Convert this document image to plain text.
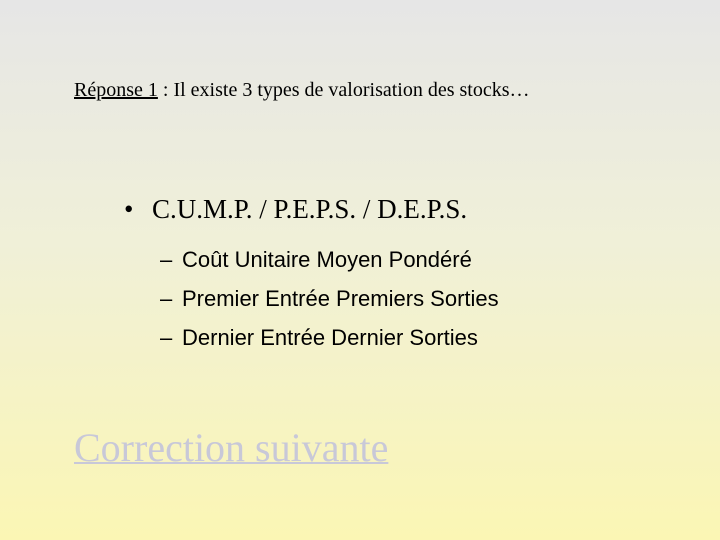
Réponse 1 : Il existe 3 types de valorisation des stocks…
• C.U.M.P. / P.E.P.S. / D.E.P.S.
– Coût Unitaire Moyen Pondéré
– Premier Entrée Premiers Sorties
– Dernier Entrée Dernier Sorties
Correction suivante
